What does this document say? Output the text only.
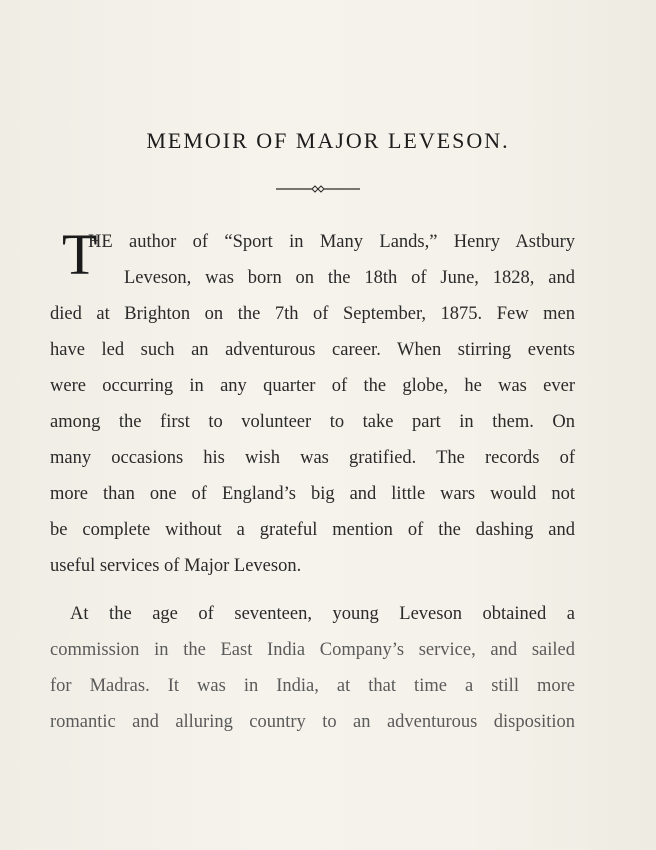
MEMOIR OF MAJOR LEVESON.
T
HE author of “Sport in Many Lands,” Henry Astbury
Leveson, was born on the 18th of June, 1828, and
died at Brighton on the 7th of September, 1875. Few men
have led such an adventurous career. When stirring events
were occurring in any quarter of the globe, he was ever
among the first to volunteer to take part in them. On
many occasions his wish was gratified. The records of
more than one of England’s big and little wars would not
be complete without a grateful mention of the dashing and
useful services of Major Leveson.
At the age of seventeen, young Leveson obtained a
commission in the East India Company’s service, and sailed
for Madras. It was in India, at that time a still more
romantic and alluring country to an adventurous disposition
